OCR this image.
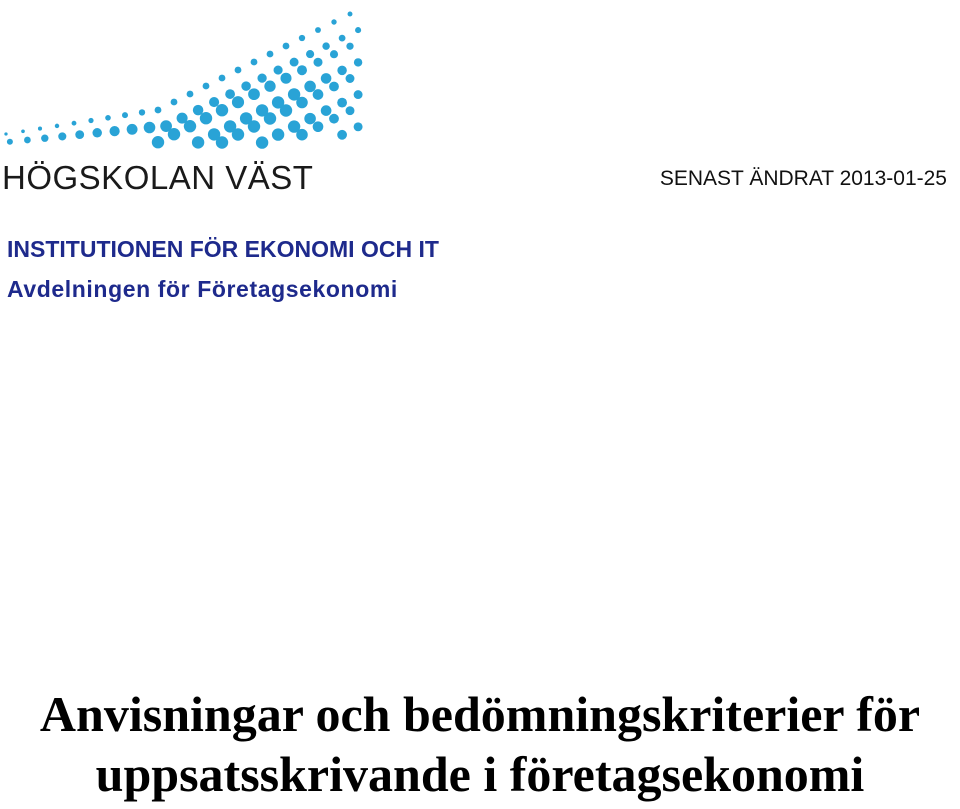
HÖGSKOLAN VÄST	SENAST ÄNDRAT 2013-01-25
INSTITUTIONEN FÖR EKONOMI OCH IT
Avdelningen för Företagsekonomi
Anvisningar och bedömningskriterier för
uppsatsskrivande i företagsekonomi
